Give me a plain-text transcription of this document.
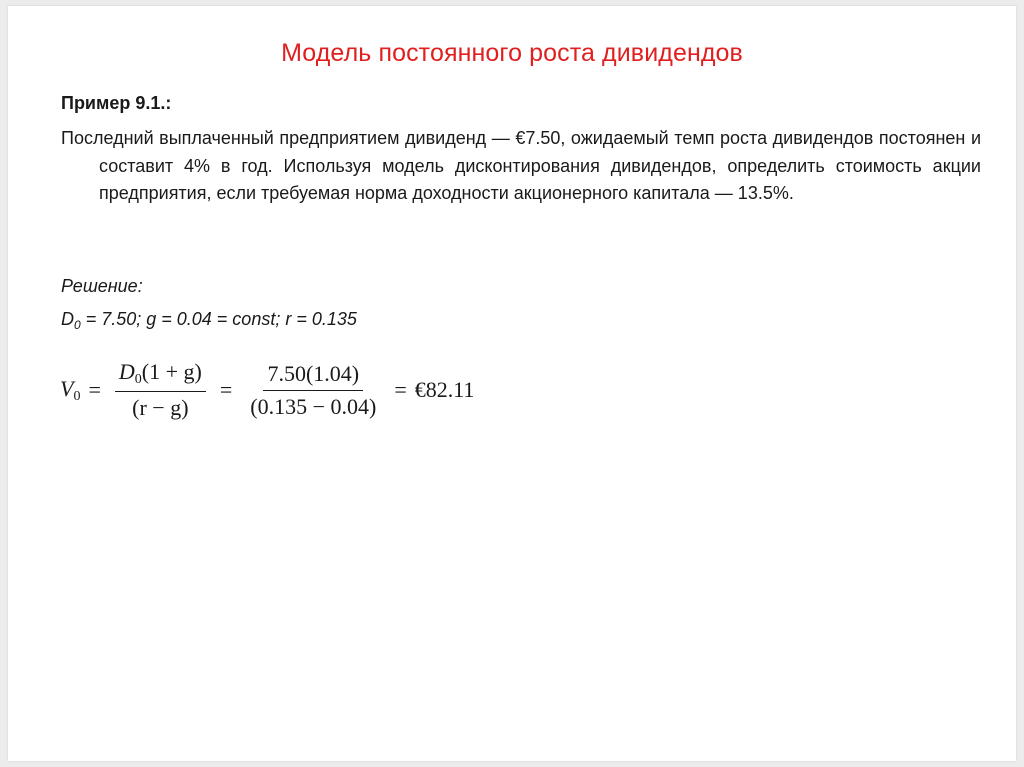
Модель постоянного роста дивидендов
Пример 9.1.:
Последний выплаченный предприятием дивиденд — €7.50, ожидаемый темп роста дивидендов постоянен и составит 4% в год. Используя модель дисконтирования дивидендов, определить стоимость акции предприятия, если требуемая норма доходности акционерного капитала — 13.5%.
Решение:
$D_0 = 7.50$; g = 0.04 = const; r = 0.135
$V_0 = \frac{D_0(1 + g)}{(r - g)} = \frac{7.50(1.04)}{(0.135 - 0.04)}$ = €82.11
